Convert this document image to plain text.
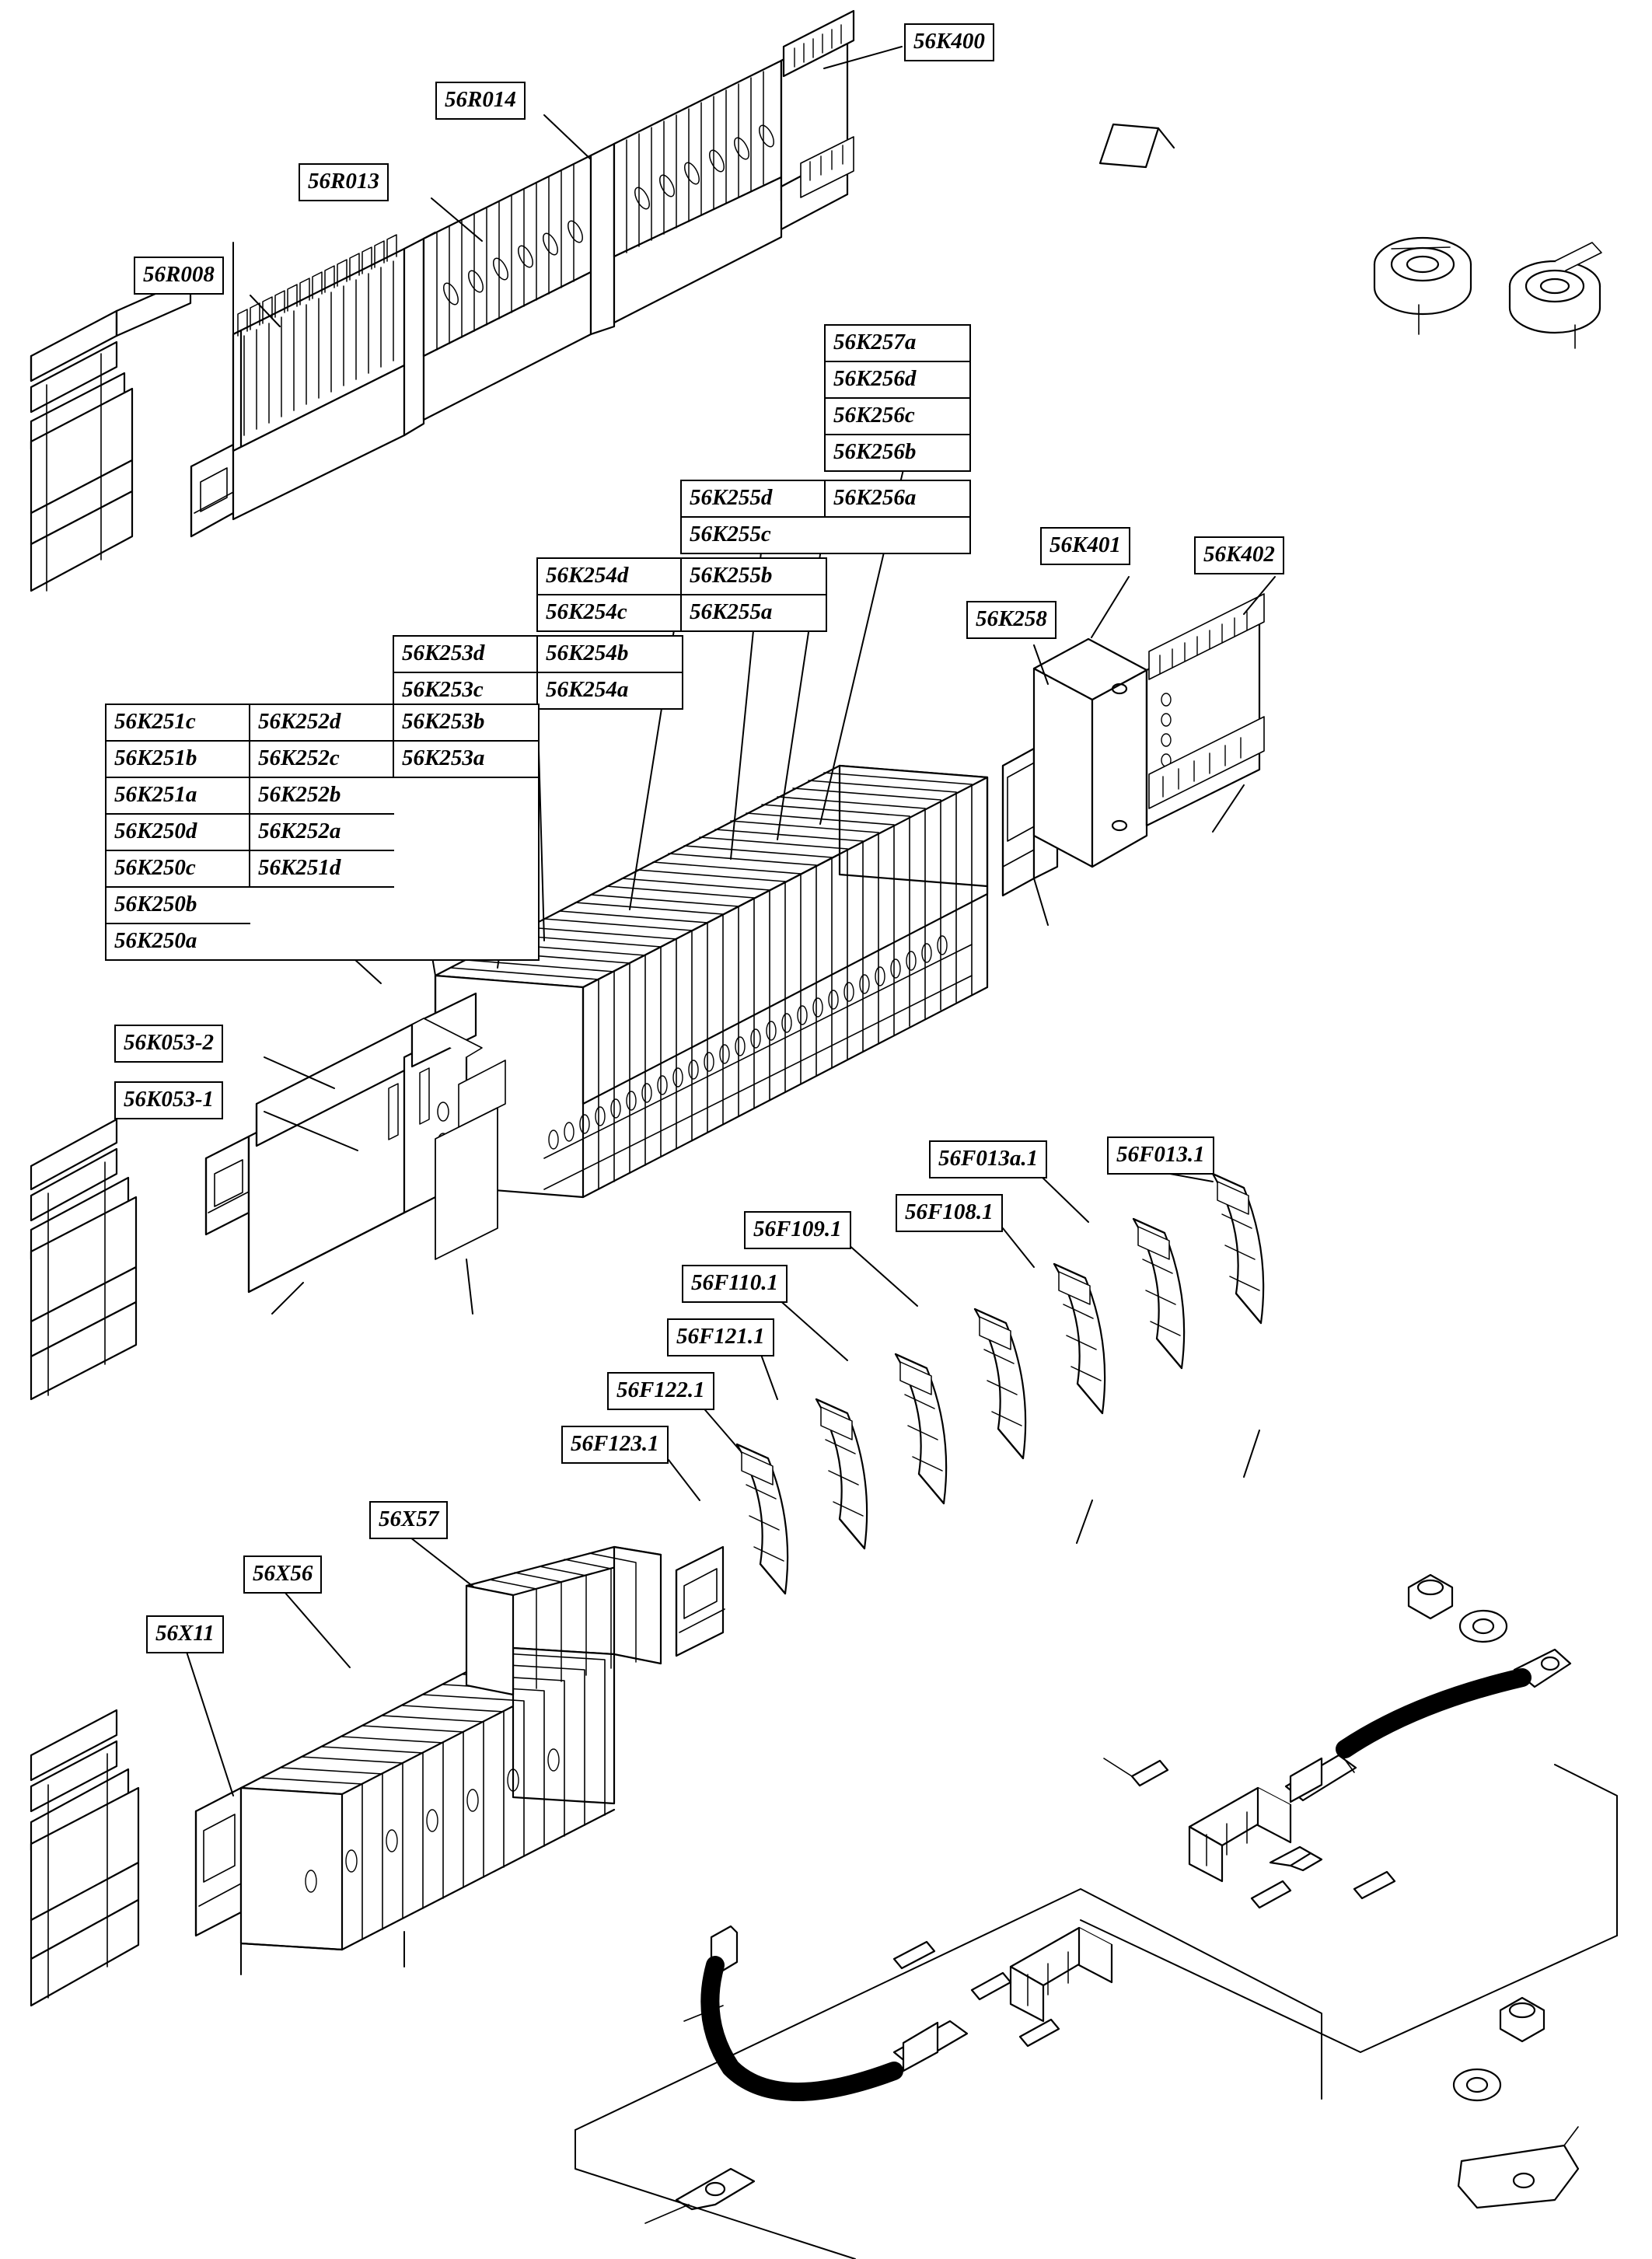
56K400
56R014
56R013
56R008
56K401	56K402
56K258
56K053-2
56K053-1
56F013.1
56F013a.1
56F108.1
56F109.1
56F110.1
56F121.1
56F122.1
56F123.1
56X57
56X56
56X11
56K257a
56K256d
56K256c
56K256b
56K255d	56K256a
56K255c
56K254d	56K255b
56K254c	56K255a
56K253d	56K254b
56K253c	56K254a
56K251c	56K252d	56K253b
56K251b	56K252c	56K253a
56K251a	56K252b
56K250d	56K252a
56K250c	56K251d
56K250b
56K250a
